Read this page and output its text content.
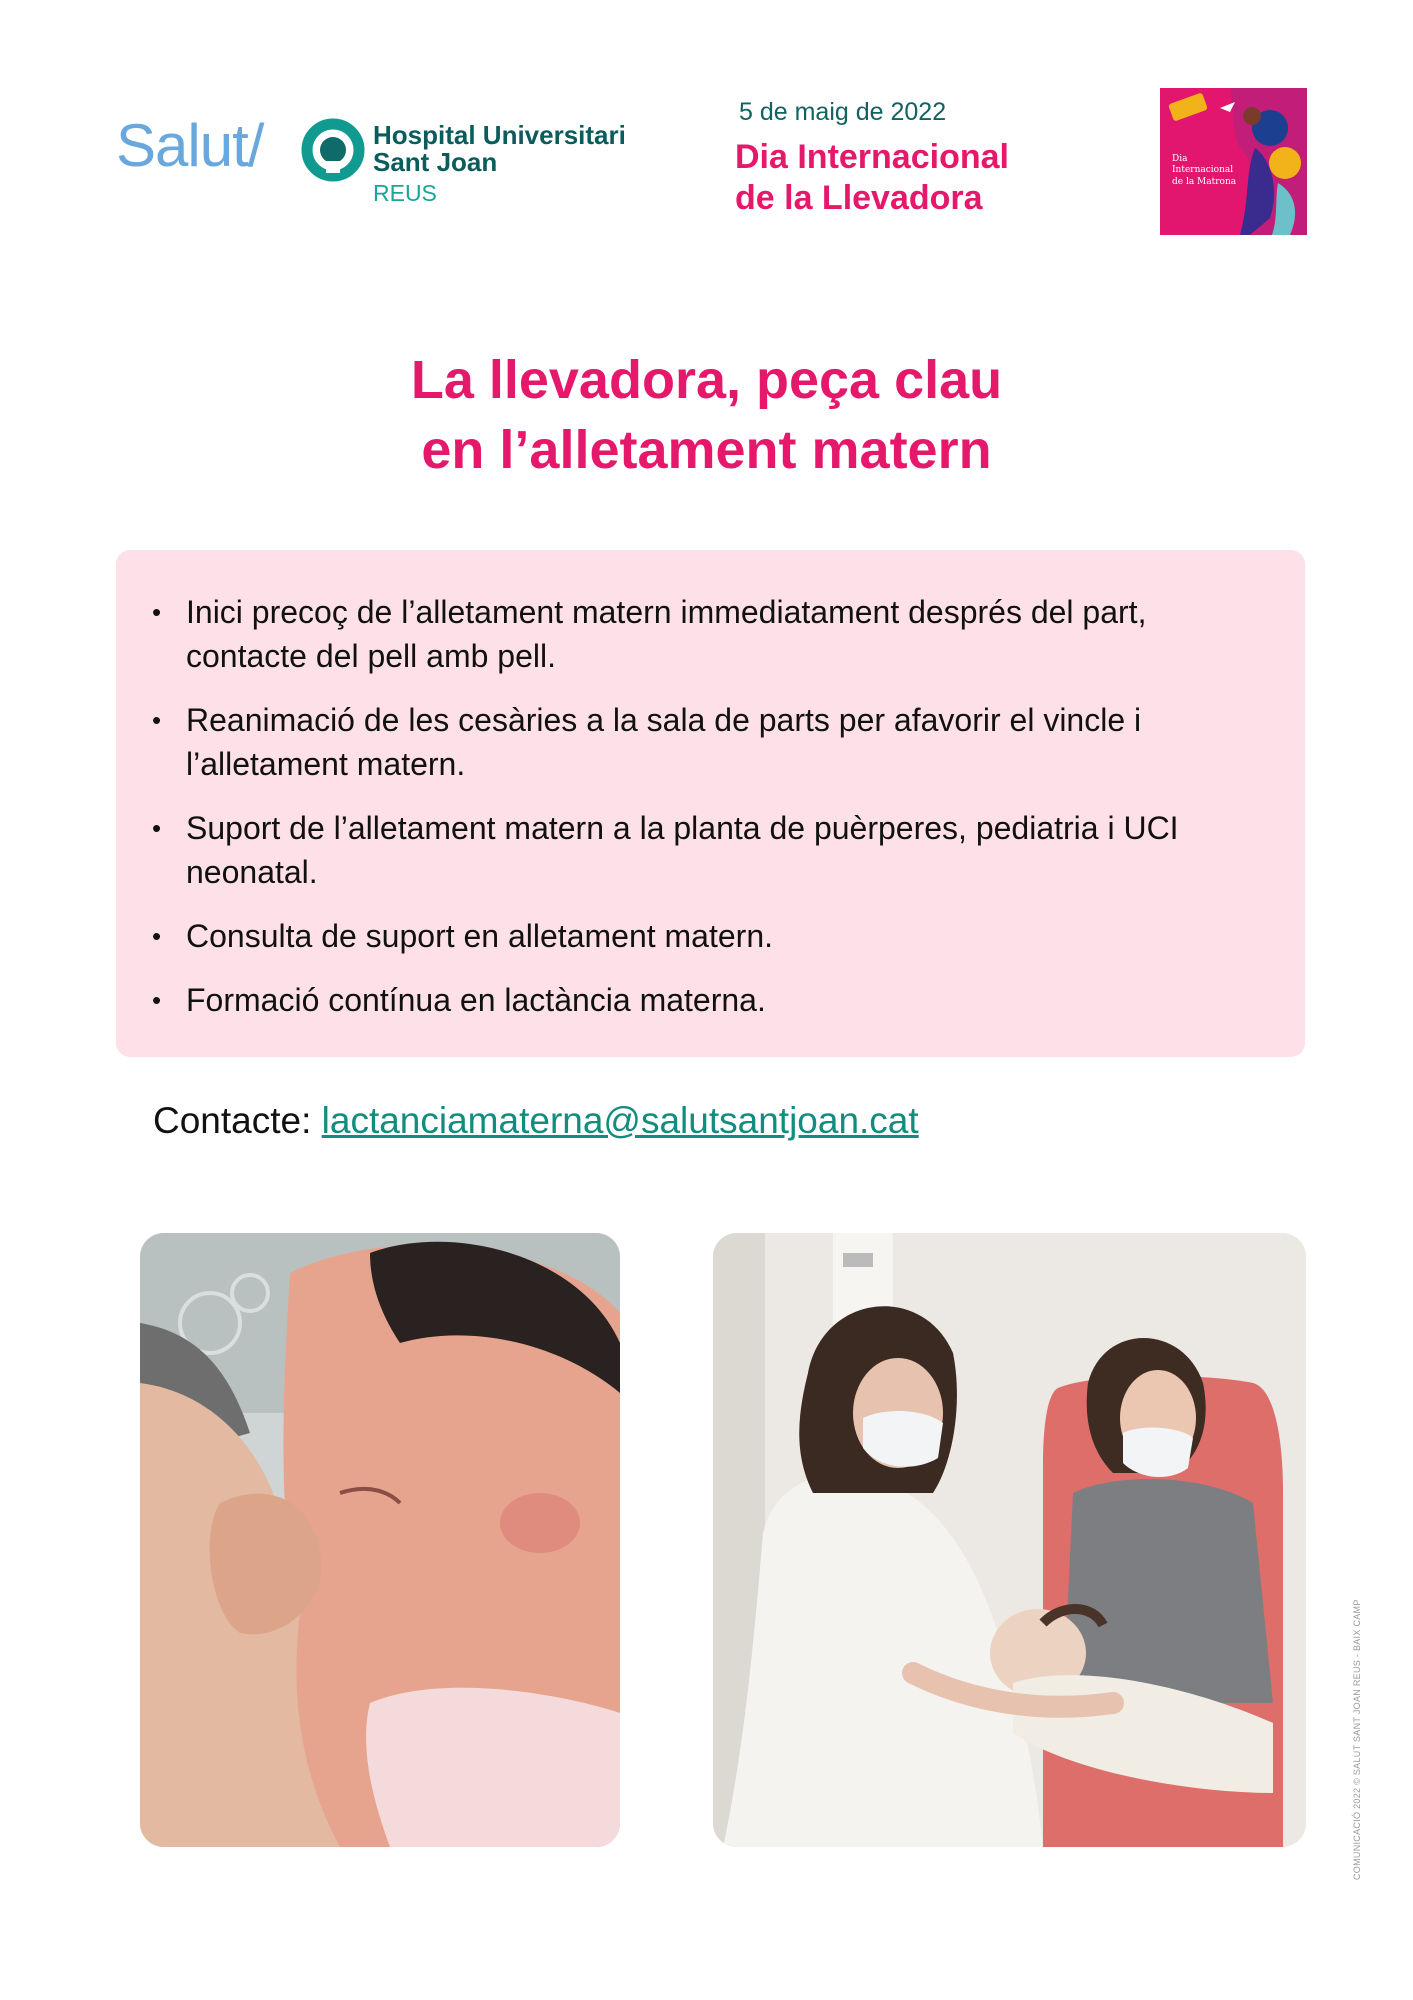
Salut/	Hospital Universitari
Sant Joan
REUS
5 de maig de 2022
Dia Internacional
de la Llevadora
Dia
Internacional
de la Matrona
La llevadora, peça clau
en l’alletament matern
• Inici precoç de l’alletament matern immediatament després del part, contacte del pell amb pell.
• Reanimació de les cesàries a la sala de parts per afavorir el vincle i l’alletament matern.
• Suport de l’alletament matern a la planta de puèrperes, pediatria i UCI neonatal.
• Consulta de suport en alletament matern.
• Formació contínua en lactància materna.
Contacte: lactanciamaterna@salutsantjoan.cat
COMUNICACIÓ 2022 © SALUT SANT JOAN REUS - BAIX CAMP
